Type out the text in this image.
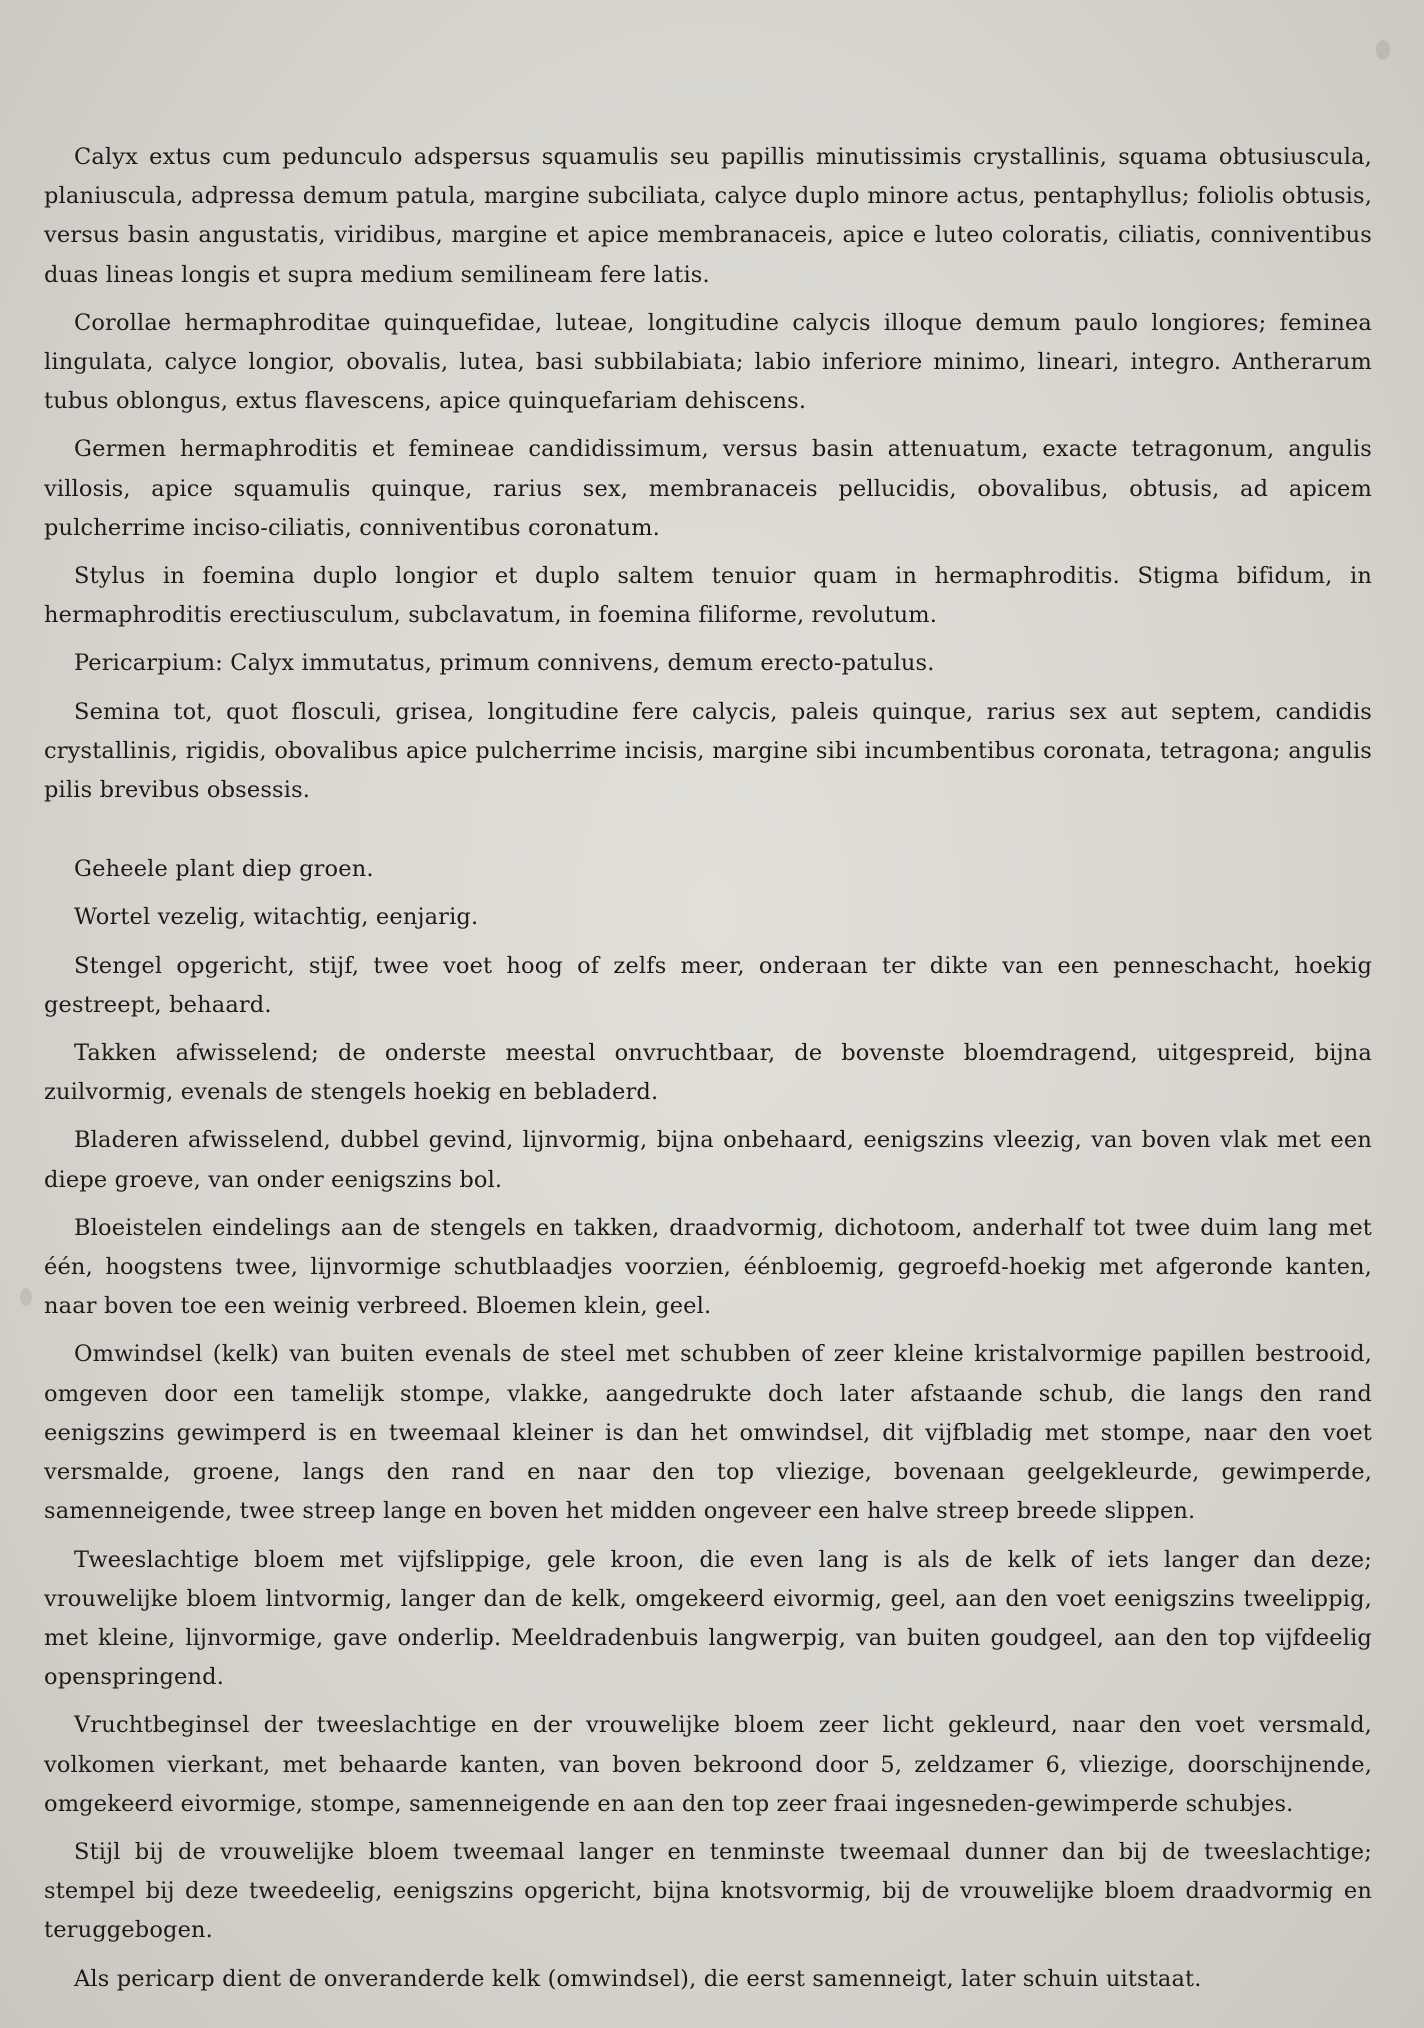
Calyx extus cum pedunculo adspersus squamulis seu papillis minutissimis crystallinis, squama obtusiuscula, planiuscula, adpressa demum patula, margine subciliata, calyce duplo minore actus, pentaphyllus; foliolis obtusis, versus basin angustatis, viridibus, margine et apice membranaceis, apice e luteo coloratis, ciliatis, conniventibus duas lineas longis et supra medium semilineam fere latis.

Corollae hermaphroditae quinquefidae, luteae, longitudine calycis illoque demum paulo longiores; feminea lingulata, calyce longior, obovalis, lutea, basi subbilabiata; labio inferiore minimo, lineari, integro. Antherarum tubus oblongus, extus flavescens, apice quinquefariam dehiscens.

Germen hermaphroditis et femineae candidissimum, versus basin attenuatum, exacte tetragonum, angulis villosis, apice squamulis quinque, rarius sex, membranaceis pellucidis, obovalibus, obtusis, ad apicem pulcherrime inciso-ciliatis, conniventibus coronatum.

Stylus in foemina duplo longior et duplo saltem tenuior quam in hermaphroditis. Stigma bifidum, in hermaphroditis erectiusculum, subclavatum, in foemina filiforme, revolutum.

Pericarpium: Calyx immutatus, primum connivens, demum erecto-patulus.

Semina tot, quot flosculi, grisea, longitudine fere calycis, paleis quinque, rarius sex aut septem, candidis crystallinis, rigidis, obovalibus apice pulcherrime incisis, margine sibi incumbentibus coronata, tetragona; angulis pilis brevibus obsessis.

Geheele plant diep groen.

Wortel vezelig, witachtig, eenjarig.

Stengel opgericht, stijf, twee voet hoog of zelfs meer, onderaan ter dikte van een penneschacht, hoekig gestreept, behaard.

Takken afwisselend; de onderste meestal onvruchtbaar, de bovenste bloemdragend, uitgespreid, bijna zuilvormig, evenals de stengels hoekig en bebladerd.

Bladeren afwisselend, dubbel gevind, lijnvormig, bijna onbehaard, eenigszins vleezig, van boven vlak met een diepe groeve, van onder eenigszins bol.

Bloeistelen eindelings aan de stengels en takken, draadvormig, dichotoom, anderhalf tot twee duim lang met één, hoogstens twee, lijnvormige schutblaadjes voorzien, éénbloemig, gegroefd-hoekig met afgeronde kanten, naar boven toe een weinig verbreed. Bloemen klein, geel.

Omwindsel (kelk) van buiten evenals de steel met schubben of zeer kleine kristalvormige papillen bestrooid, omgeven door een tamelijk stompe, vlakke, aangedrukte doch later afstaande schub, die langs den rand eenigszins gewimperd is en tweemaal kleiner is dan het omwindsel, dit vijfbladig met stompe, naar den voet versmalde, groene, langs den rand en naar den top vliezige, bovenaan geelgekleurde, gewimperde, samenneigende, twee streep lange en boven het midden ongeveer een halve streep breede slippen.

Tweeslachtige bloem met vijfslippige, gele kroon, die even lang is als de kelk of iets langer dan deze; vrouwelijke bloem lintvormig, langer dan de kelk, omgekeerd eivormig, geel, aan den voet eenigszins tweelippig, met kleine, lijnvormige, gave onderlip. Meeldradenbuis langwerpig, van buiten goudgeel, aan den top vijfdeelig openspringend.

Vruchtbeginsel der tweeslachtige en der vrouwelijke bloem zeer licht gekleurd, naar den voet versmald, volkomen vierkant, met behaarde kanten, van boven bekroond door 5, zeldzamer 6, vliezige, doorschijnende, omgekeerd eivormige, stompe, samenneigende en aan den top zeer fraai ingesneden-gewimperde schubjes.

Stijl bij de vrouwelijke bloem tweemaal langer en tenminste tweemaal dunner dan bij de tweeslachtige; stempel bij deze tweedeelig, eenigszins opgericht, bijna knotsvormig, bij de vrouwelijke bloem draadvormig en teruggebogen.

Als pericarp dient de onveranderde kelk (omwindsel), die eerst samenneigt, later schuin uitstaat.
